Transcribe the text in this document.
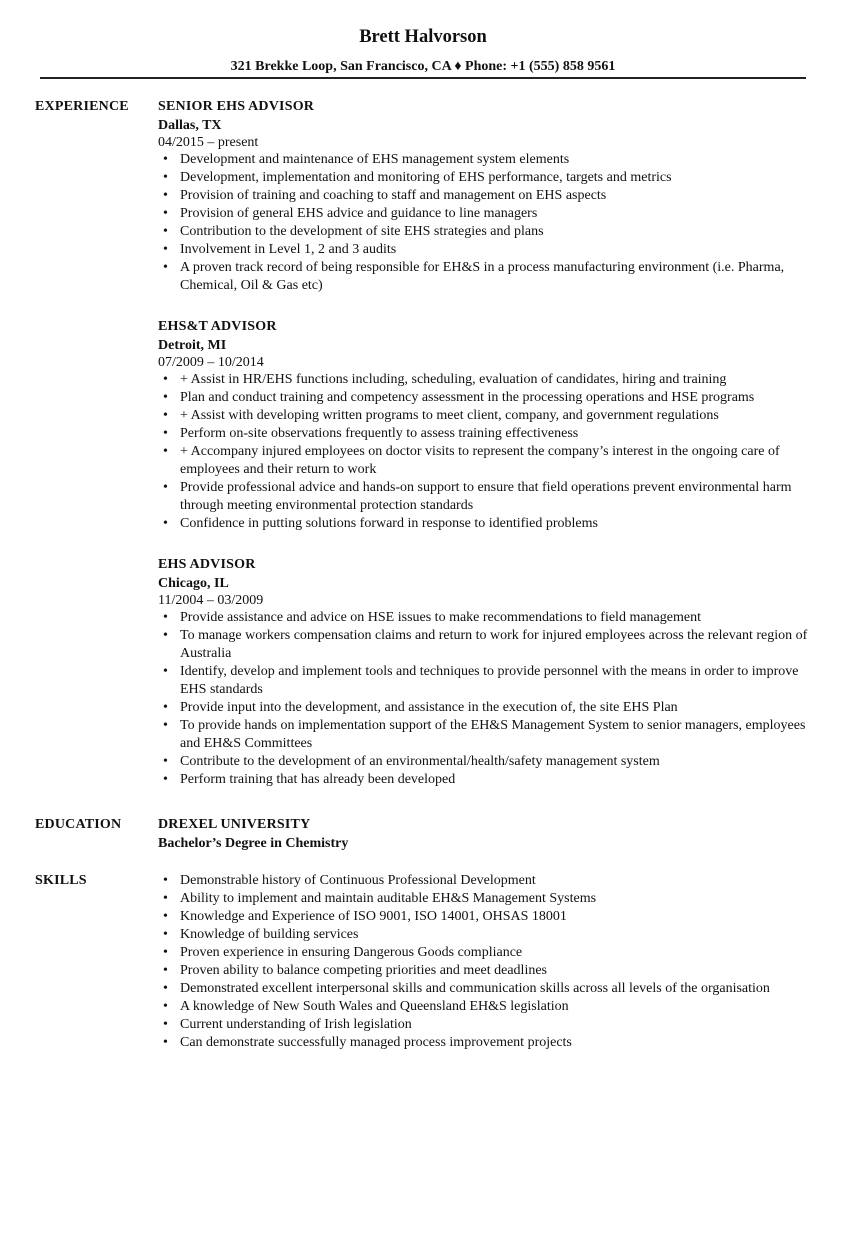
Brett Halvorson
321 Brekke Loop, San Francisco, CA ♦ Phone: +1 (555) 858 9561
EXPERIENCE SENIOR EHS ADVISOR
Dallas, TX
04/2015 – present
• Development and maintenance of EHS management system elements
• Development, implementation and monitoring of EHS performance, targets and metrics
• Provision of training and coaching to staff and management on EHS aspects
• Provision of general EHS advice and guidance to line managers
• Contribution to the development of site EHS strategies and plans
• Involvement in Level 1, 2 and 3 audits
• A proven track record of being responsible for EH&S in a process manufacturing environment (i.e. Pharma, Chemical, Oil & Gas etc)
EHS&T ADVISOR
Detroit, MI
07/2009 – 10/2014
• + Assist in HR/EHS functions including, scheduling, evaluation of candidates, hiring and training
• Plan and conduct training and competency assessment in the processing operations and HSE programs
• + Assist with developing written programs to meet client, company, and government regulations
• Perform on-site observations frequently to assess training effectiveness
• + Accompany injured employees on doctor visits to represent the company’s interest in the ongoing care of employees and their return to work
• Provide professional advice and hands-on support to ensure that field operations prevent environmental harm through meeting environmental protection standards
• Confidence in putting solutions forward in response to identified problems
EHS ADVISOR
Chicago, IL
11/2004 – 03/2009
• Provide assistance and advice on HSE issues to make recommendations to field management
• To manage workers compensation claims and return to work for injured employees across the relevant region of Australia
• Identify, develop and implement tools and techniques to provide personnel with the means in order to improve EHS standards
• Provide input into the development, and assistance in the execution of, the site EHS Plan
• To provide hands on implementation support of the EH&S Management System to senior managers, employees and EH&S Committees
• Contribute to the development of an environmental/health/safety management system
• Perform training that has already been developed
EDUCATION	DREXEL UNIVERSITY
Bachelor’s Degree in Chemistry
SKILLS
•	Demonstrable history of Continuous Professional Development
• Ability to implement and maintain auditable EH&S Management Systems
• Knowledge and Experience of ISO 9001, ISO 14001, OHSAS 18001
• Knowledge of building services
• Proven experience in ensuring Dangerous Goods compliance
• Proven ability to balance competing priorities and meet deadlines
• Demonstrated excellent interpersonal skills and communication skills across all levels of the organisation
• A knowledge of New South Wales and Queensland EH&S legislation
• Current understanding of Irish legislation
• Can demonstrate successfully managed process improvement projects
